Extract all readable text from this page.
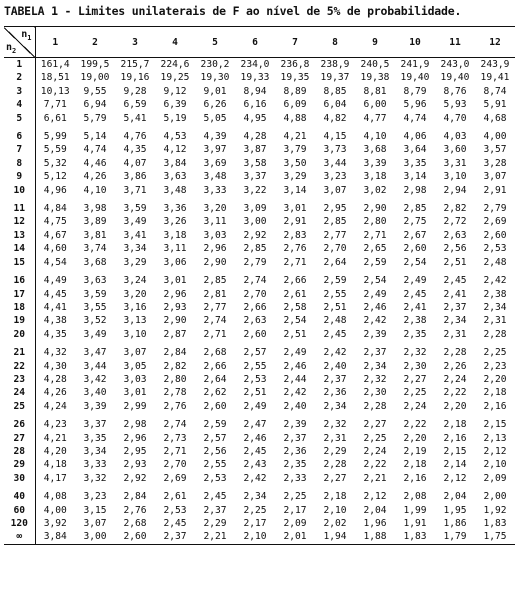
TABELA 1 - Limites unilaterais de F ao nível de 5% de probabilidade.
$n_1$
$n_2$	1	2	3	4	5	6	7	8	9	10	11	12
1	161,4	199,5	215,7	224,6	230,2	234,0	236,8	238,9	240,5	241,9	243,0	243,9
2	18,51	19,00	19,16	19,25	19,30	19,33	19,35	19,37	19,38	19,40	19,40	19,41
3	10,13	9,55	9,28	9,12	9,01	8,94	8,89	8,85	8,81	8,79	8,76	8,74
4	7,71	6,94	6,59	6,39	6,26	6,16	6,09	6,04	6,00	5,96	5,93	5,91
5	6,61	5,79	5,41	5,19	5,05	4,95	4,88	4,82	4,77	4,74	4,70	4,68

6	5,99	5,14	4,76	4,53	4,39	4,28	4,21	4,15	4,10	4,06	4,03	4,00
7	5,59	4,74	4,35	4,12	3,97	3,87	3,79	3,73	3,68	3,64	3,60	3,57
8	5,32	4,46	4,07	3,84	3,69	3,58	3,50	3,44	3,39	3,35	3,31	3,28
9	5,12	4,26	3,86	3,63	3,48	3,37	3,29	3,23	3,18	3,14	3,10	3,07
10	4,96	4,10	3,71	3,48	3,33	3,22	3,14	3,07	3,02	2,98	2,94	2,91

11	4,84	3,98	3,59	3,36	3,20	3,09	3,01	2,95	2,90	2,85	2,82	2,79
12	4,75	3,89	3,49	3,26	3,11	3,00	2,91	2,85	2,80	2,75	2,72	2,69
13	4,67	3,81	3,41	3,18	3,03	2,92	2,83	2,77	2,71	2,67	2,63	2,60
14	4,60	3,74	3,34	3,11	2,96	2,85	2,76	2,70	2,65	2,60	2,56	2,53
15	4,54	3,68	3,29	3,06	2,90	2,79	2,71	2,64	2,59	2,54	2,51	2,48

16	4,49	3,63	3,24	3,01	2,85	2,74	2,66	2,59	2,54	2,49	2,45	2,42
17	4,45	3,59	3,20	2,96	2,81	2,70	2,61	2,55	2,49	2,45	2,41	2,38
18	4,41	3,55	3,16	2,93	2,77	2,66	2,58	2,51	2,46	2,41	2,37	2,34
19	4,38	3,52	3,13	2,90	2,74	2,63	2,54	2,48	2,42	2,38	2,34	2,31
20	4,35	3,49	3,10	2,87	2,71	2,60	2,51	2,45	2,39	2,35	2,31	2,28

21	4,32	3,47	3,07	2,84	2,68	2,57	2,49	2,42	2,37	2,32	2,28	2,25
22	4,30	3,44	3,05	2,82	2,66	2,55	2,46	2,40	2,34	2,30	2,26	2,23
23	4,28	3,42	3,03	2,80	2,64	2,53	2,44	2,37	2,32	2,27	2,24	2,20
24	4,26	3,40	3,01	2,78	2,62	2,51	2,42	2,36	2,30	2,25	2,22	2,18
25	4,24	3,39	2,99	2,76	2,60	2,49	2,40	2,34	2,28	2,24	2,20	2,16

26	4,23	3,37	2,98	2,74	2,59	2,47	2,39	2,32	2,27	2,22	2,18	2,15
27	4,21	3,35	2,96	2,73	2,57	2,46	2,37	2,31	2,25	2,20	2,16	2,13
28	4,20	3,34	2,95	2,71	2,56	2,45	2,36	2,29	2,24	2,19	2,15	2,12
29	4,18	3,33	2,93	2,70	2,55	2,43	2,35	2,28	2,22	2,18	2,14	2,10
30	4,17	3,32	2,92	2,69	2,53	2,42	2,33	2,27	2,21	2,16	2,12	2,09

40	4,08	3,23	2,84	2,61	2,45	2,34	2,25	2,18	2,12	2,08	2,04	2,00
60	4,00	3,15	2,76	2,53	2,37	2,25	2,17	2,10	2,04	1,99	1,95	1,92
120	3,92	3,07	2,68	2,45	2,29	2,17	2,09	2,02	1,96	1,91	1,86	1,83
∞	3,84	3,00	2,60	2,37	2,21	2,10	2,01	1,94	1,88	1,83	1,79	1,75
